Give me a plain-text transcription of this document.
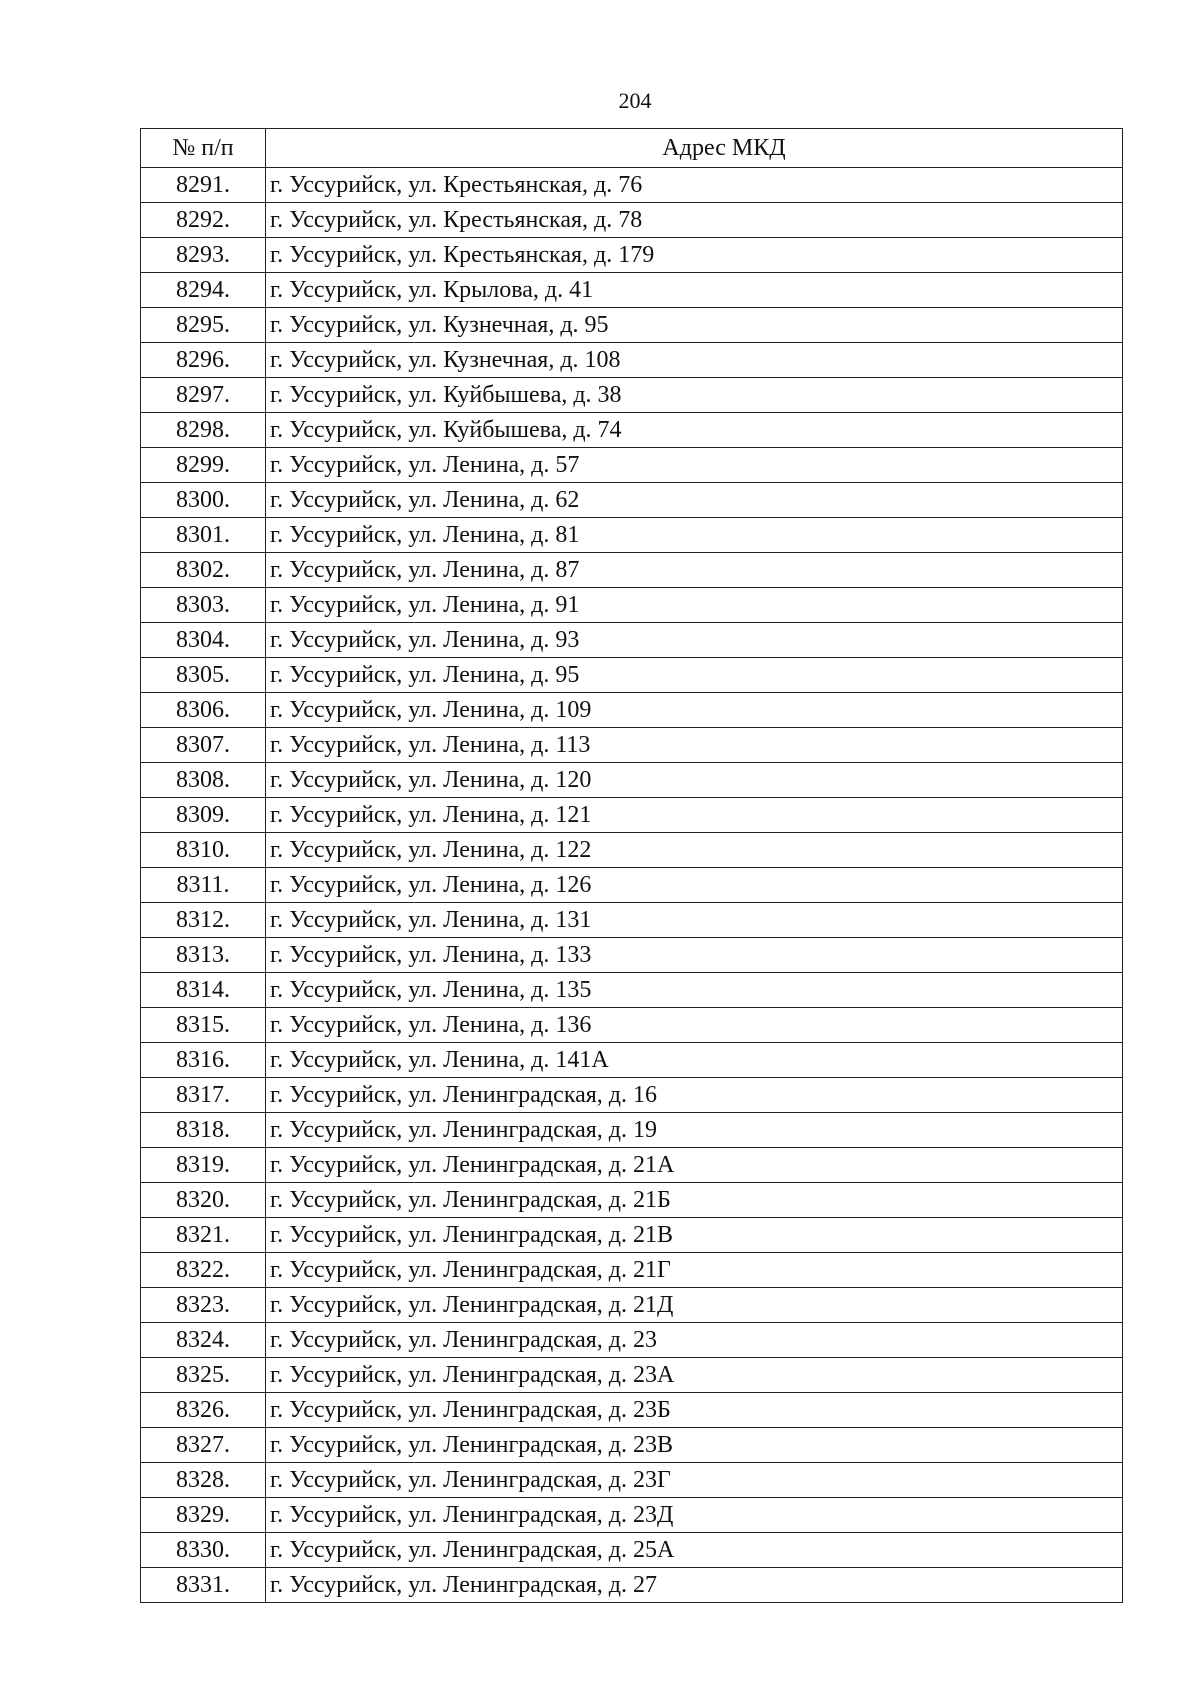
204
№ п/п	Адрес МКД
8291.	г. Уссурийск, ул. Крестьянская, д. 76
8292.	г. Уссурийск, ул. Крестьянская, д. 78
8293.	г. Уссурийск, ул. Крестьянская, д. 179
8294.	г. Уссурийск, ул. Крылова, д. 41
8295.	г. Уссурийск, ул. Кузнечная, д. 95
8296.	г. Уссурийск, ул. Кузнечная, д. 108
8297.	г. Уссурийск, ул. Куйбышева, д. 38
8298.	г. Уссурийск, ул. Куйбышева, д. 74
8299.	г. Уссурийск, ул. Ленина, д. 57
8300.	г. Уссурийск, ул. Ленина, д. 62
8301.	г. Уссурийск, ул. Ленина, д. 81
8302.	г. Уссурийск, ул. Ленина, д. 87
8303.	г. Уссурийск, ул. Ленина, д. 91
8304.	г. Уссурийск, ул. Ленина, д. 93
8305.	г. Уссурийск, ул. Ленина, д. 95
8306.	г. Уссурийск, ул. Ленина, д. 109
8307.	г. Уссурийск, ул. Ленина, д. 113
8308.	г. Уссурийск, ул. Ленина, д. 120
8309.	г. Уссурийск, ул. Ленина, д. 121
8310.	г. Уссурийск, ул. Ленина, д. 122
8311.	г. Уссурийск, ул. Ленина, д. 126
8312.	г. Уссурийск, ул. Ленина, д. 131
8313.	г. Уссурийск, ул. Ленина, д. 133
8314.	г. Уссурийск, ул. Ленина, д. 135
8315.	г. Уссурийск, ул. Ленина, д. 136
8316.	г. Уссурийск, ул. Ленина, д. 141А
8317.	г. Уссурийск, ул. Ленинградская, д. 16
8318.	г. Уссурийск, ул. Ленинградская, д. 19
8319.	г. Уссурийск, ул. Ленинградская, д. 21А
8320.	г. Уссурийск, ул. Ленинградская, д. 21Б
8321.	г. Уссурийск, ул. Ленинградская, д. 21В
8322.	г. Уссурийск, ул. Ленинградская, д. 21Г
8323.	г. Уссурийск, ул. Ленинградская, д. 21Д
8324.	г. Уссурийск, ул. Ленинградская, д. 23
8325.	г. Уссурийск, ул. Ленинградская, д. 23А
8326.	г. Уссурийск, ул. Ленинградская, д. 23Б
8327.	г. Уссурийск, ул. Ленинградская, д. 23В
8328.	г. Уссурийск, ул. Ленинградская, д. 23Г
8329.	г. Уссурийск, ул. Ленинградская, д. 23Д
8330.	г. Уссурийск, ул. Ленинградская, д. 25А
8331.	г. Уссурийск, ул. Ленинградская, д. 27
